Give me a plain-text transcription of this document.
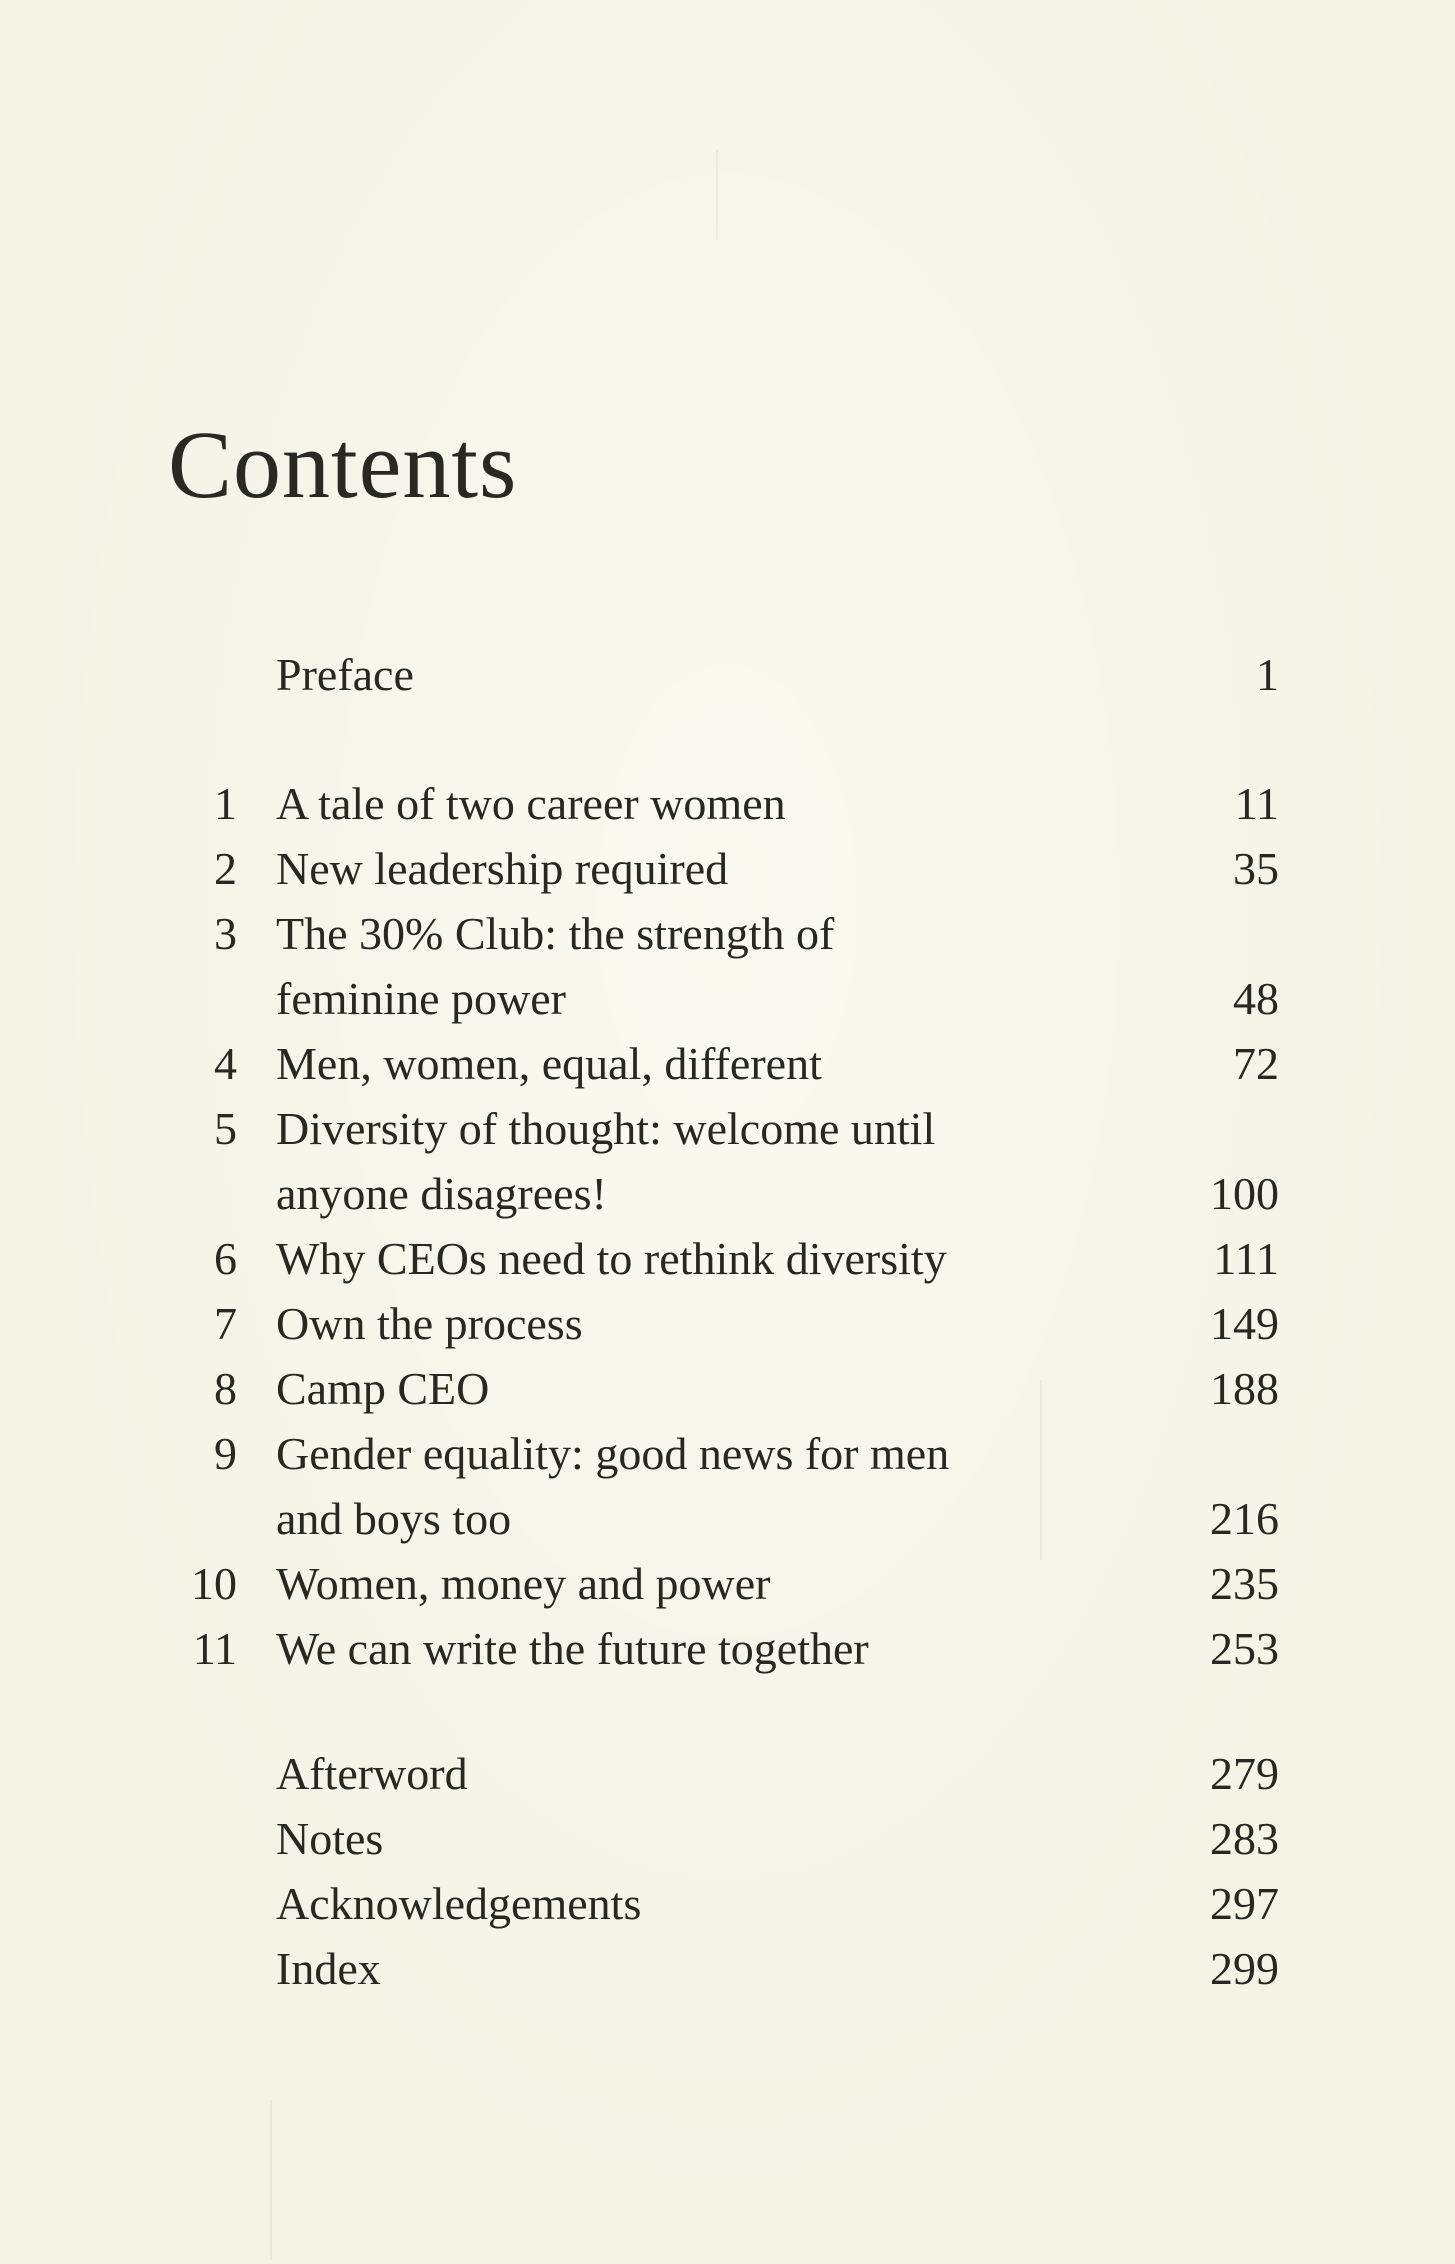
Contents
Preface	1
1 A tale of two career women	11
2 New leadership required	35
3 The 30% Club: the strength of
feminine power	48
4 Men, women, equal, different	72
5 Diversity of thought: welcome until
anyone disagrees!	100
6 Why CEOs need to rethink diversity	111
7 Own the process	149
8 Camp CEO	188
9 Gender equality: good news for men
and boys too	216
10 Women, money and power	235
11 We can write the future together	253
Afterword	279
Notes	283
Acknowledgements	297
Index	299
